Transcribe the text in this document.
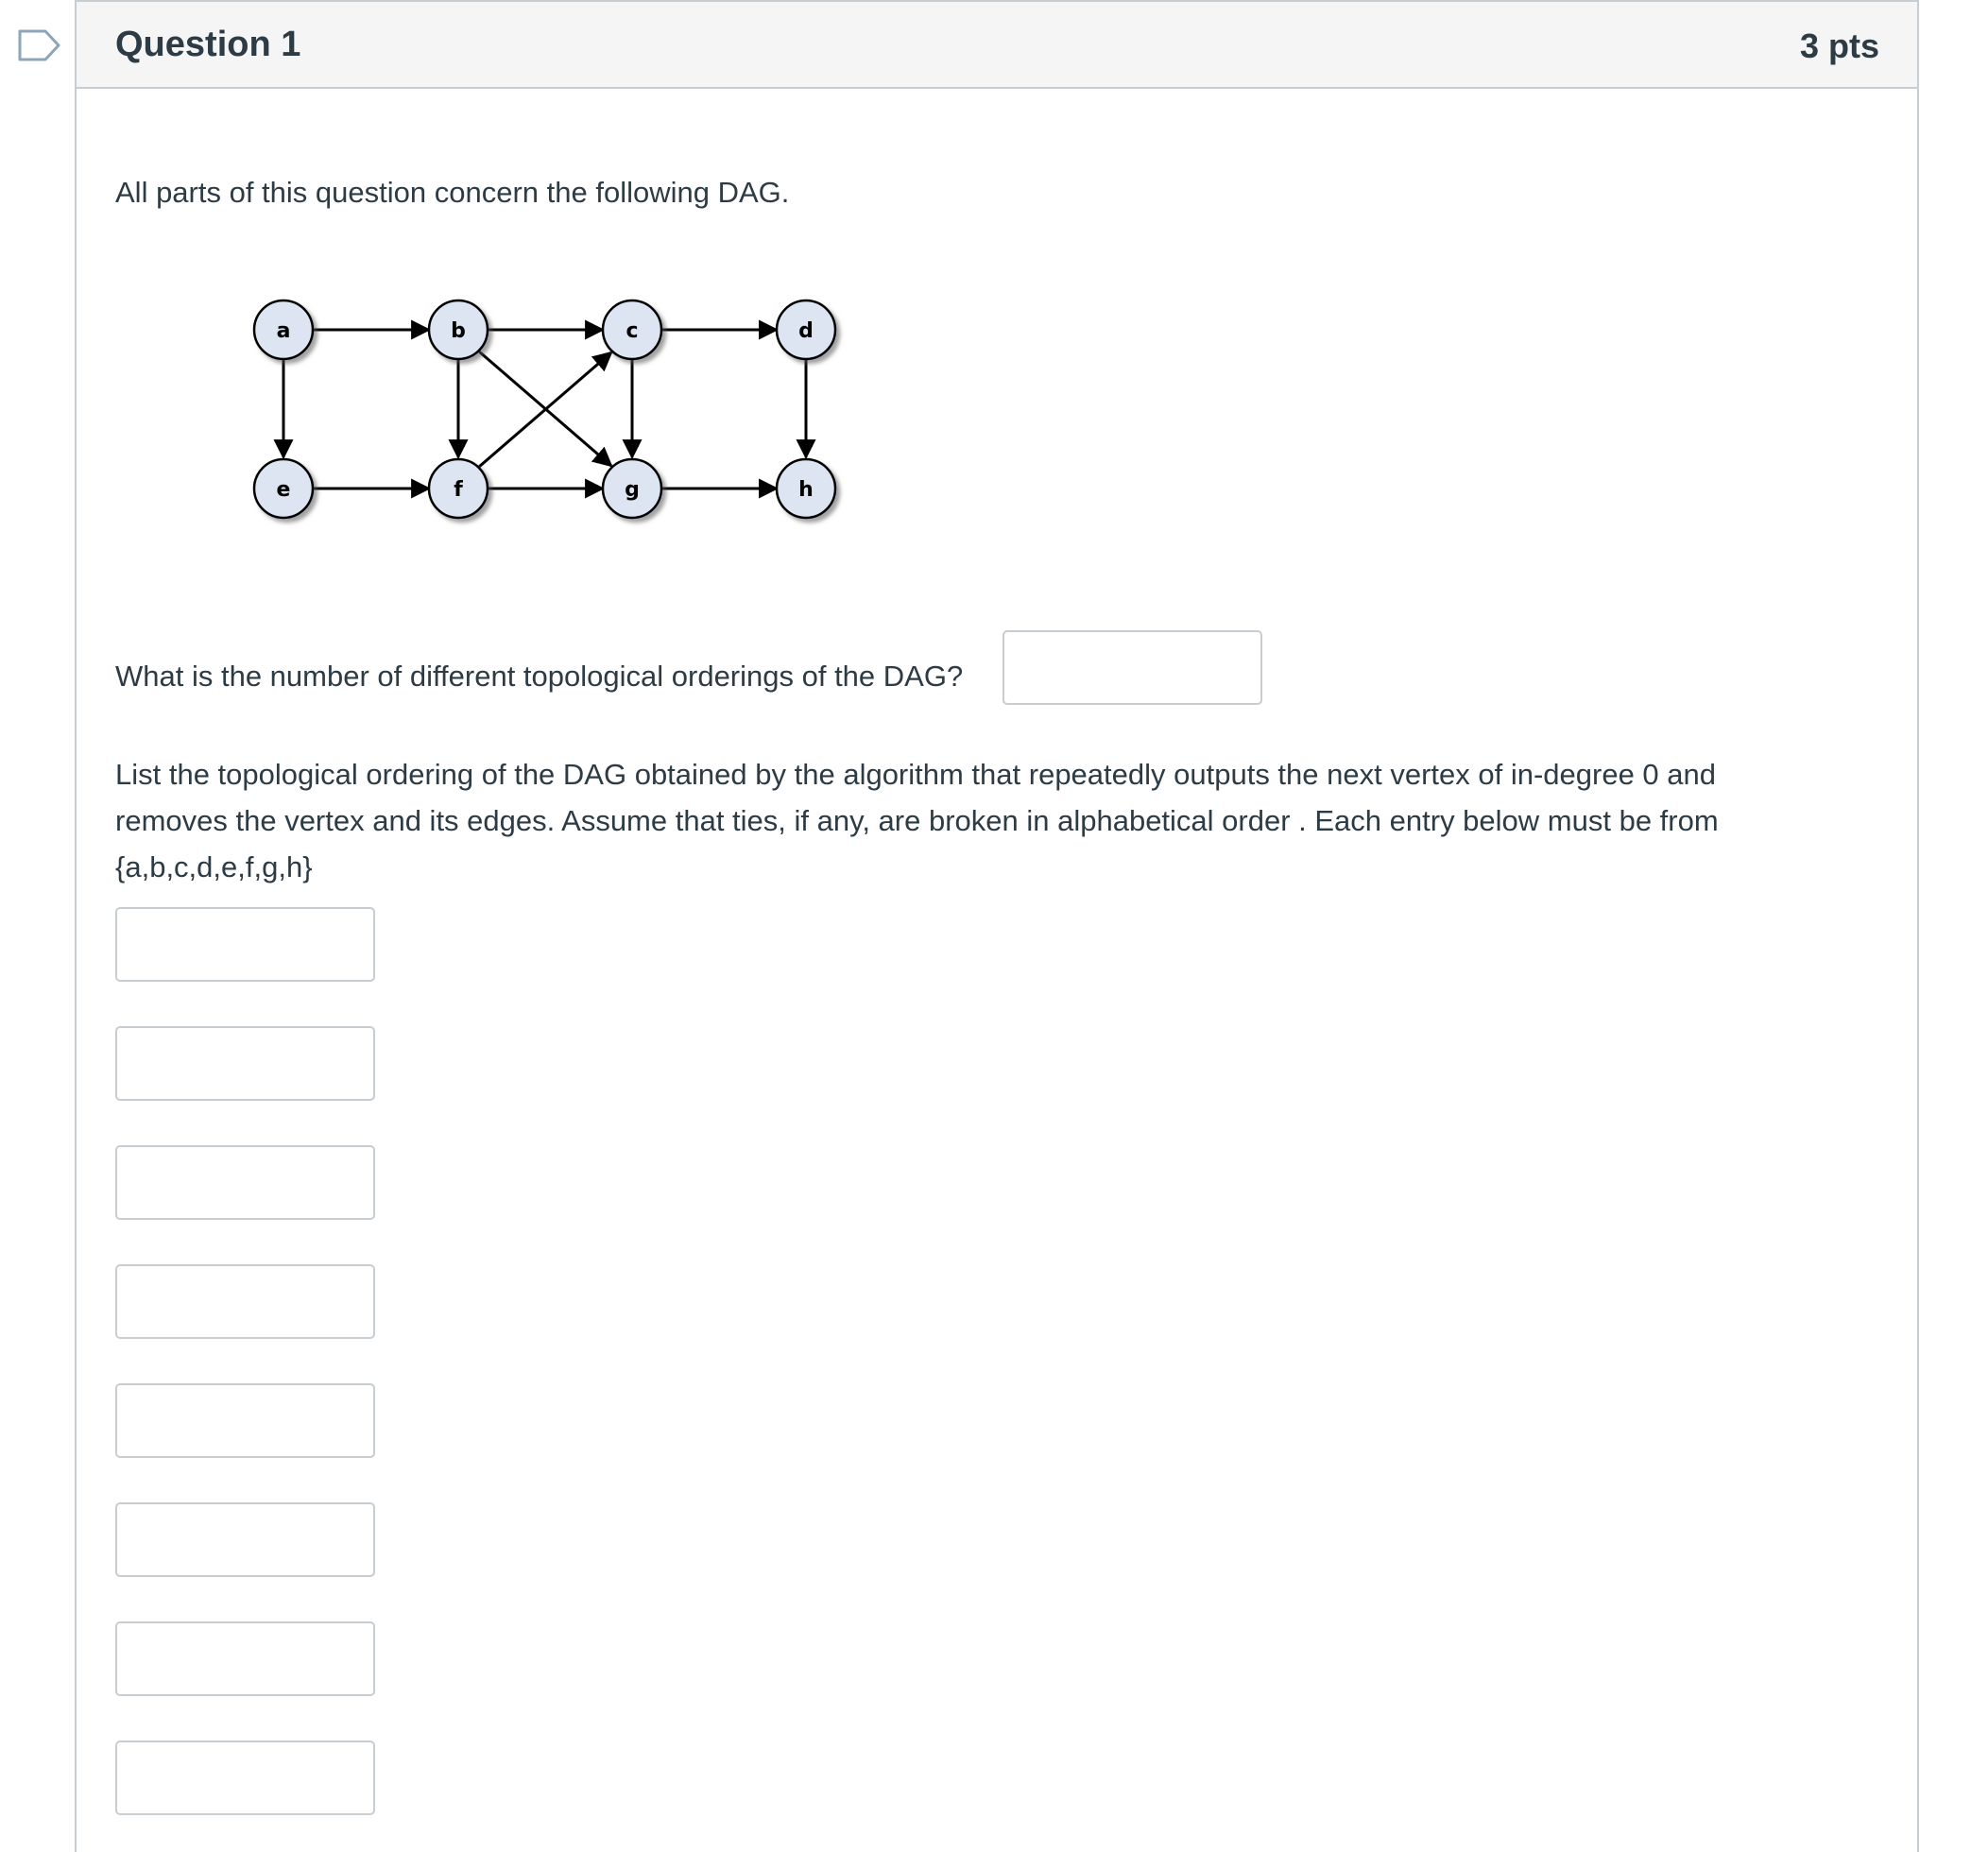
Question 1	3 pts
All parts of this question concern the following DAG.
a	b	c	d
e	f	g	h
What is the number of different topological orderings of the DAG?

List the topological ordering of the DAG obtained by the algorithm that repeatedly outputs the next vertex of in-degree 0 and

removes the vertex and its edges. Assume that ties, if any, are broken in alphabetical order . Each entry below must be from

{a,b,c,d,e,f,g,h}
